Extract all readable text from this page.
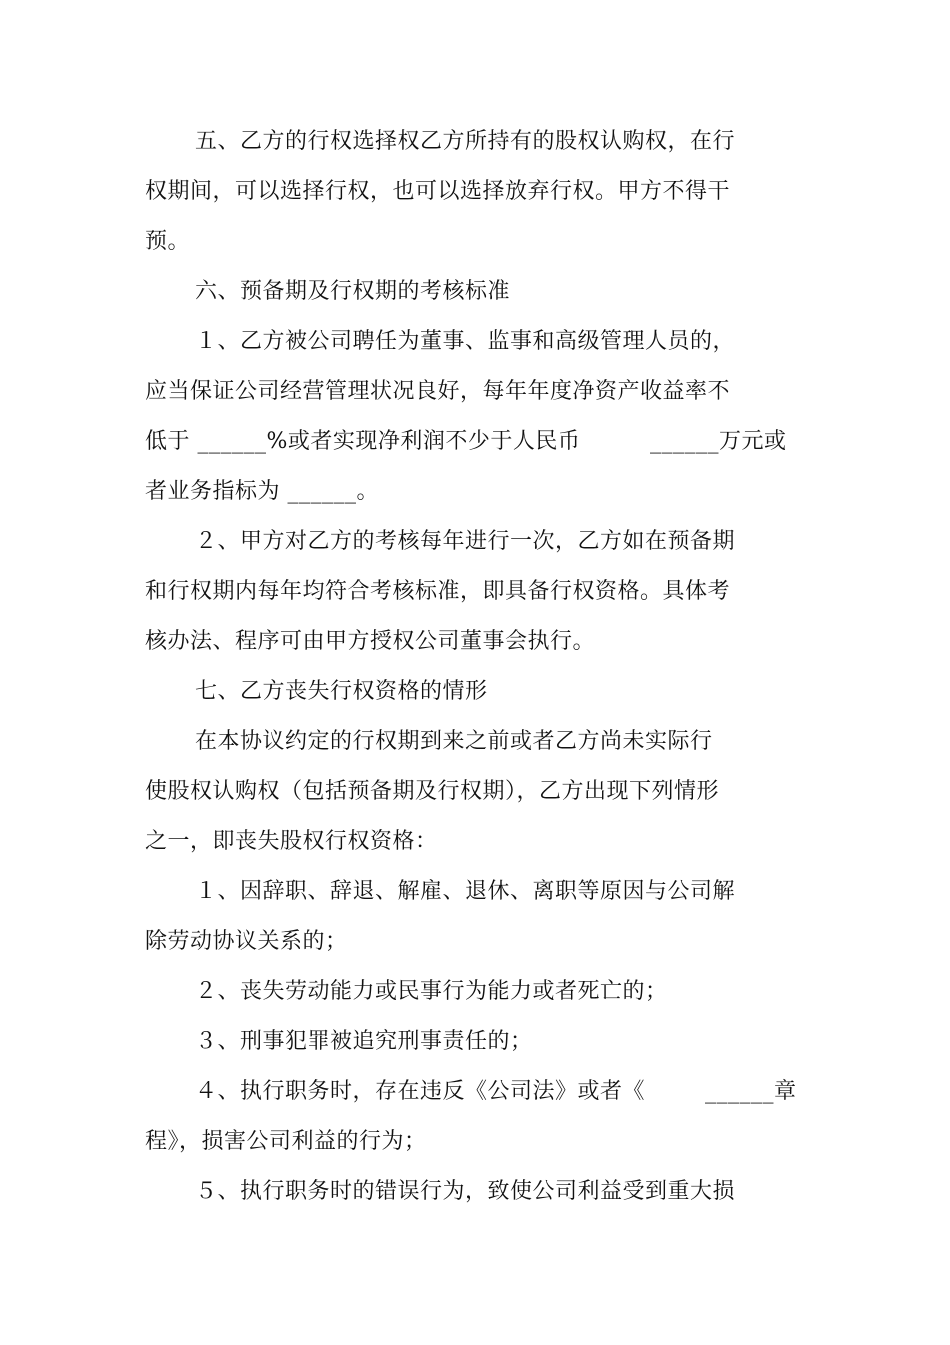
五、乙方的行权选择权乙方所持有的股权认购权，在行
权期间，可以选择行权，也可以选择放弃行权。甲方不得干
预。
六、预备期及行权期的考核标准
１、乙方被公司聘任为董事、监事和高级管理人员的，
应当保证公司经营管理状况良好，每年年度净资产收益率不
低于 ______%或者实现净利润不少于人民币	______万元或
者业务指标为 ______。
２、甲方对乙方的考核每年进行一次，乙方如在预备期
和行权期内每年均符合考核标准，即具备行权资格。具体考
核办法、程序可由甲方授权公司董事会执行。
七、乙方丧失行权资格的情形
在本协议约定的行权期到来之前或者乙方尚未实际行
使股权认购权（包括预备期及行权期），乙方出现下列情形
之一，即丧失股权行权资格：
１、因辞职、辞退、解雇、退休、离职等原因与公司解
除劳动协议关系的；
２、丧失劳动能力或民事行为能力或者死亡的；
３、刑事犯罪被追究刑事责任的；
４、执行职务时，存在违反《公司法》或者《	______章
程》，损害公司利益的行为；
５、执行职务时的错误行为，致使公司利益受到重大损
